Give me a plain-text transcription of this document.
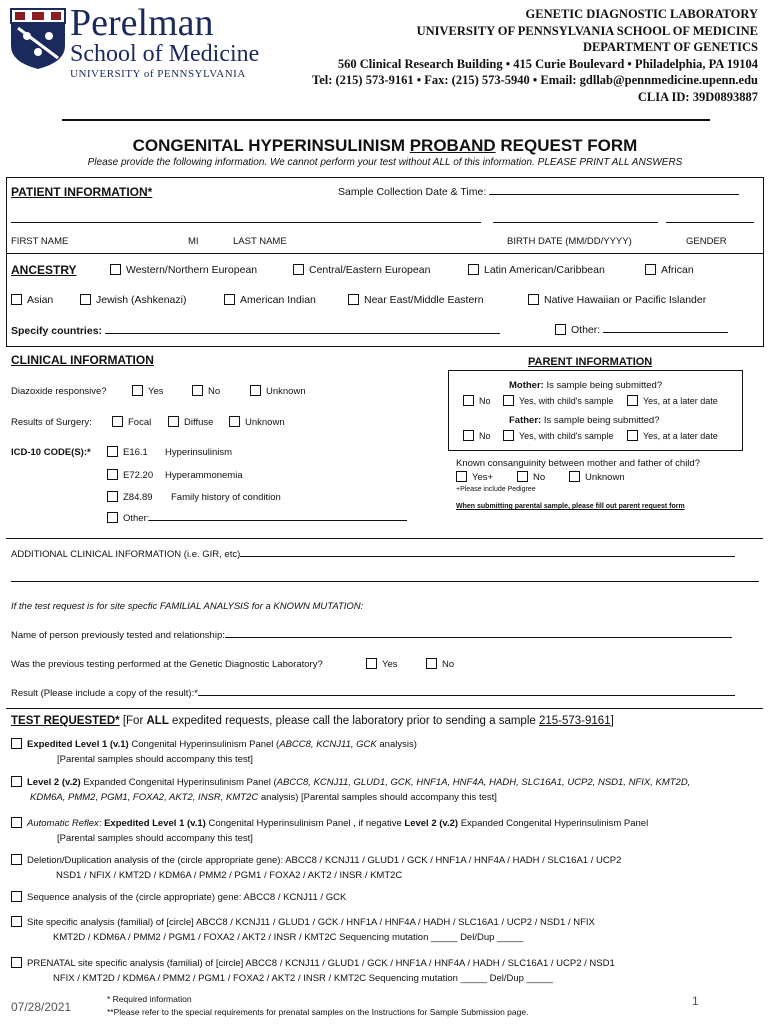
Perelman
School of Medicine
UNIVERSITY of PENNSYLVANIA
GENETIC DIAGNOSTIC LABORATORY
UNIVERSITY OF PENNSYLVANIA SCHOOL OF MEDICINE
DEPARTMENT OF GENETICS
560 Clinical Research Building • 415 Curie Boulevard • Philadelphia, PA 19104
Tel: (215) 573-9161 • Fax: (215) 573-5940 • Email: gdllab@pennmedicine.upenn.edu
CLIA ID: 39D0893887
CONGENITAL HYPERINSULINISM PROBAND REQUEST FORM
Please provide the following information. We cannot perform your test without ALL of this information. PLEASE PRINT ALL ANSWERS
PATIENT INFORMATION*	Sample Collection Date & Time:
FIRST NAME	MI	LAST NAME	BIRTH DATE (MM/DD/YYYY)	GENDER
ANCESTRY	Western/Northern European	Central/Eastern European	Latin American/Caribbean	African
Asian	Jewish (Ashkenazi)	American Indian	Near East/Middle Eastern	Native Hawaiian or Pacific Islander
Specify countries:	Other:
CLINICAL INFORMATION
Diazoxide responsive?	Yes	No	Unknown
Results of Surgery:	Focal	Diffuse	Unknown
ICD-10 CODE(S):*	E16.1 Hyperinsulinism
E72.20 Hyperammonemia
Z84.89 Family history of condition
Other:
PARENT INFORMATION
Mother: Is sample being submitted?
No	Yes, with child's sample	Yes, at a later date
Father: Is sample being submitted?
No	Yes, with child's sample	Yes, at a later date
Known consanguinity between mother and father of child?
Yes+	No	Unknown
+Please include Pedigree
When submitting parental sample, please fill out parent request form
ADDITIONAL CLINICAL INFORMATION (i.e. GIR, etc)
If the test request is for site specfic FAMILIAL ANALYSIS for a KNOWN MUTATION:
Name of person previously tested and relationship:
Was the previous testing performed at the Genetic Diagnostic Laboratory?	Yes	No
Result (Please include a copy of the result):*
TEST REQUESTED* [For ALL expedited requests, please call the laboratory prior to sending a sample 215-573-9161]
Expedited Level 1 (v.1) Congenital Hyperinsulinism Panel (ABCC8, KCNJ11, GCK analysis)
[Parental samples should accompany this test]
Level 2 (v.2) Expanded Congenital Hyperinsulinism Panel (ABCC8, KCNJ11, GLUD1, GCK, HNF1A, HNF4A, HADH, SLC16A1, UCP2, NSD1, NFIX, KMT2D,
KDM6A, PMM2, PGM1, FOXA2, AKT2, INSR, KMT2C analysis) [Parental samples should accompany this test]
Automatic Reflex: Expedited Level 1 (v.1) Congenital Hyperinsulinism Panel , if negative Level 2 (v.2) Expanded Congenital Hyperinsulinism Panel
[Parental samples should accompany this test]
Deletion/Duplication analysis of the (circle appropriate gene): ABCC8 / KCNJ11 / GLUD1 / GCK / HNF1A / HNF4A / HADH / SLC16A1 / UCP2
NSD1 / NFIX / KMT2D / KDM6A / PMM2 / PGM1 / FOXA2 / AKT2 / INSR / KMT2C
Sequence analysis of the (circle appropriate) gene: ABCC8 / KCNJ11 / GCK
Site specific analysis (familial) of [circle] ABCC8 / KCNJ11 / GLUD1 / GCK / HNF1A / HNF4A / HADH / SLC16A1 / UCP2 / NSD1 / NFIX
KMT2D / KDM6A / PMM2 / PGM1 / FOXA2 / AKT2 / INSR / KMT2C Sequencing mutation _____ Del/Dup _____
PRENATAL site specific analysis (familial) of [circle] ABCC8 / KCNJ11 / GLUD1 / GCK / HNF1A / HNF4A / HADH / SLC16A1 / UCP2 / NSD1
NFIX / KMT2D / KDM6A / PMM2 / PGM1 / FOXA2 / AKT2 / INSR / KMT2C Sequencing mutation _____ Del/Dup _____
07/28/2021
* Required information
**Please refer to the special requirements for prenatal samples on the Instructions for Sample Submission page.
1
